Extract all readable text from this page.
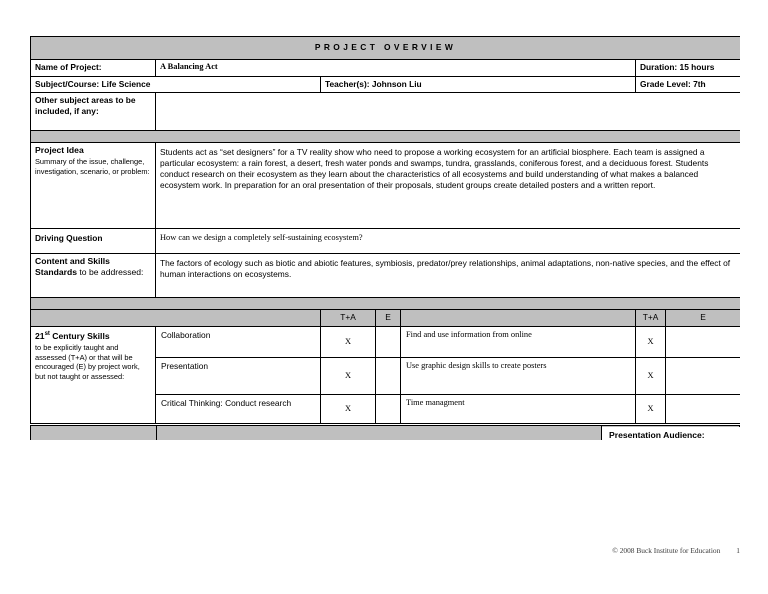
PROJECT OVERVIEW						
Name of Project:	A Balancing Act				Duration: 15 hours	
Subject/Course: Life Science		Teacher(s): Johnson Liu			Grade Level: 7th	
Other subject areas to be included, if any:						

Project Idea
Summary of the issue, challenge, investigation, scenario, or problem:	Students act as “set designers” for a TV reality show who need to propose a working ecosystem for an artificial biosphere. Each team is assigned a particular ecosystem: a rain forest, a desert, fresh water ponds and swamps, tundra, grasslands, coniferous forest, and a deciduous forest. Students conduct research on their ecosystem as they learn about the characteristics of all ecosystems and build understanding of what makes a balanced ecosystem work. In preparation for an oral presentation of their proposals, student groups create detailed posters and a written report.					
Driving Question	How can we design a completely self-sustaining ecosystem?					
Content and Skills Standards to be addressed:	The factors of ecology such as biotic and abiotic features, symbiosis, predator/prey relationships, animal adaptations, non-native species, and the effect of human interactions on ecosystems.					

		T+A	E		T+A	E
21st Century Skills
to be explicitly taught and assessed (T+A) or that will be encouraged (E) by project work, but not taught or assessed:	Collaboration	X		Find and use information from online	X	
	Presentation	X		Use graphic design skills to create posters	X	
	Critical Thinking: Conduct research	X		Time managment	X	
Presentation Audience:
© 2008 Buck Institute for Education 1
